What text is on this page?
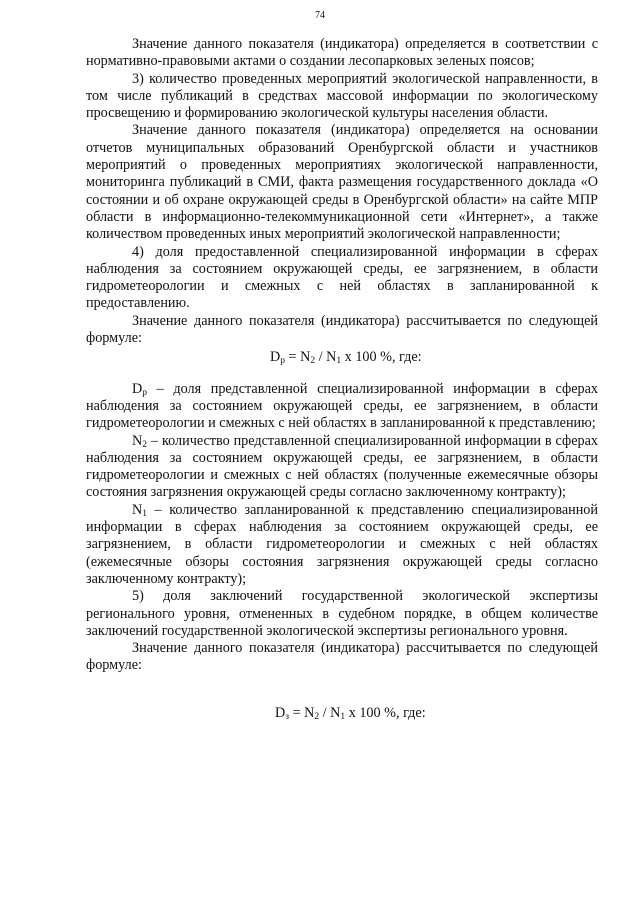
74

Значение данного показателя (индикатора) определяется в соответствии с нормативно-правовыми актами о создании лесопарковых зеленых поясов;

3) количество проведенных мероприятий экологической направленности, в том числе публикаций в средствах массовой информации по экологическому просвещению и формированию экологической культуры населения области.

Значение данного показателя (индикатора) определяется на основании отчетов муниципальных образований Оренбургской области и участников мероприятий о проведенных мероприятиях экологической направленности, мониторинга публикаций в СМИ, факта размещения государственного доклада «О состоянии и об охране окружающей среды в Оренбургской области» на сайте МПР области в информационно-телекоммуникационной сети «Интернет», а также количеством проведенных иных мероприятий экологической направленности;

4) доля предоставленной специализированной информации в сферах наблюдения за состоянием окружающей среды, ее загрязнением, в области гидрометеорологии и смежных с ней областях в запланированной к предоставлению.

Значение данного показателя (индикатора) рассчитывается по следующей формуле:

$D_р = N_2 / N_1$ x 100 %, где:

$D_р$ – доля представленной специализированной информации в сферах наблюдения за состоянием окружающей среды, ее загрязнением, в области гидрометеорологии и смежных с ней областях в запланированной к представлению;

$N_2$ – количество представленной специализированной информации в сферах наблюдения за состоянием окружающей среды, ее загрязнением, в области гидрометеорологии и смежных с ней областях (полученные ежемесячные обзоры состояния загрязнения окружающей среды согласно заключенному контракту);

$N_1$ – количество запланированной к представлению специализированной информации в сферах наблюдения за состоянием окружающей среды, ее загрязнением, в области гидрометеорологии и смежных с ней областях (ежемесячные обзоры состояния загрязнения окружающей среды согласно заключенному контракту);

5) доля заключений государственной экологической экспертизы регионального уровня, отмененных в судебном порядке, в общем количестве заключений государственной экологической экспертизы регионального уровня.

Значение данного показателя (индикатора) рассчитывается по следующей формуле:

$D_з = N_2 / N_1$ x 100 %, где:
